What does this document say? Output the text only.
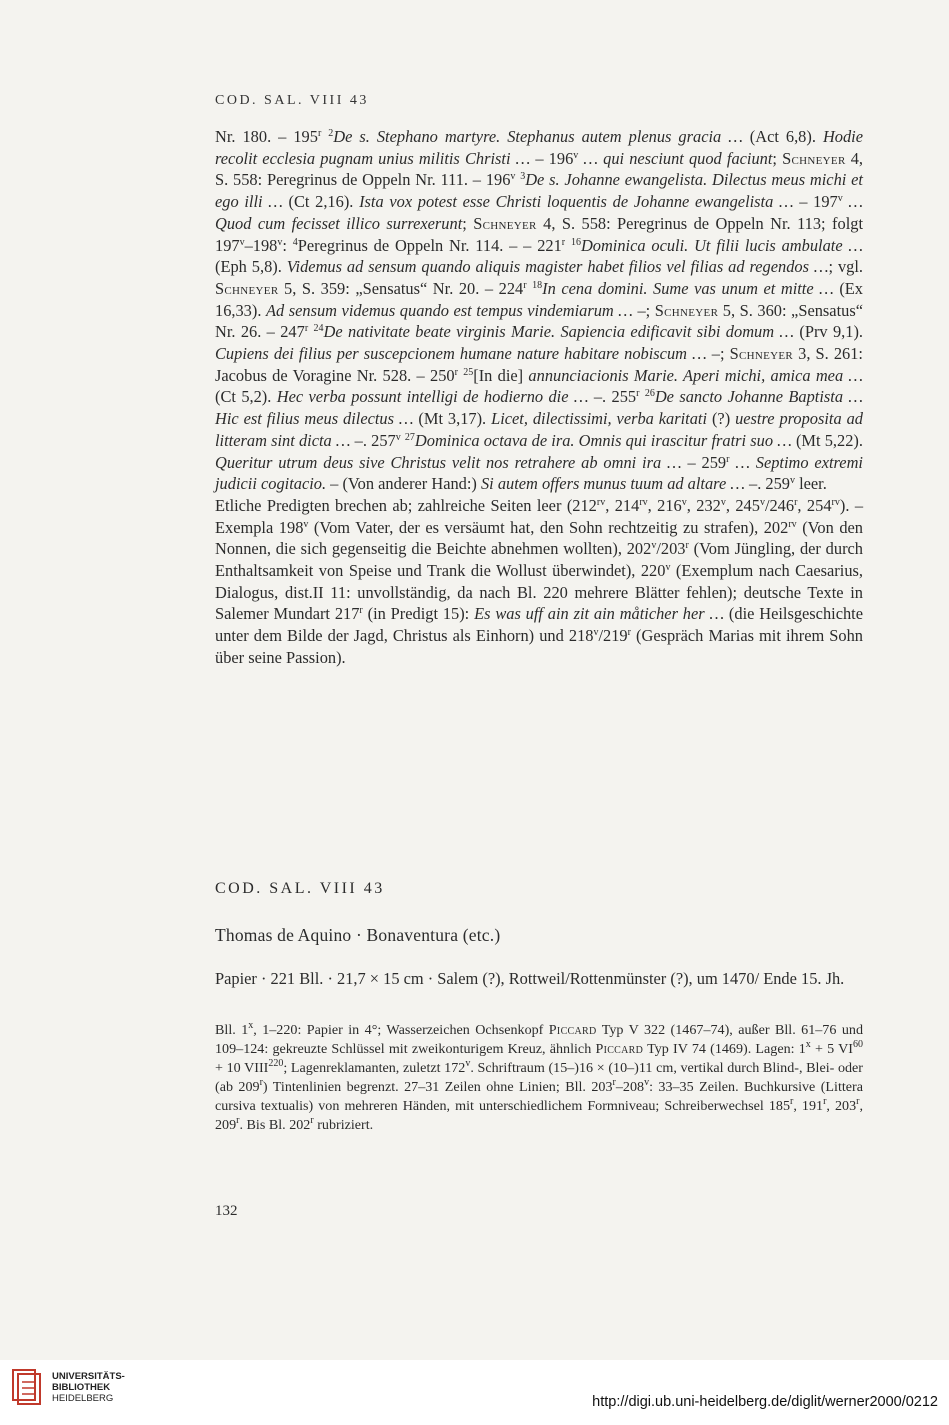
COD. SAL. VIII 43

Nr. 180. – 195$^r$ $^2$De s. Stephano martyre. Stephanus autem plenus gracia … (Act 6,8). Hodie recolit ecclesia pugnam unius militis Christi … – 196$^v$ … qui nesciunt quod faciunt; Schneyer 4, S. 558: Peregrinus de Oppeln Nr. 111. – 196$^v$ $^3$De s. Johanne ewangelista. Dilectus meus michi et ego illi … (Ct 2,16). Ista vox potest esse Christi loquentis de Johanne ewangelista … – 197$^v$ … Quod cum fecisset illico surrexerunt; Schneyer 4, S. 558: Peregrinus de Oppeln Nr. 113; folgt 197$^v$–198$^v$: $^4$Peregrinus de Oppeln Nr. 114. – – 221$^r$ $^{16}$Dominica oculi. Ut filii lucis ambulate … (Eph 5,8). Videmus ad sensum quando aliquis magister habet filios vel filias ad regendos …; vgl. Schneyer 5, S. 359: „Sensatus“ Nr. 20. – 224$^r$ $^{18}$In cena domini. Sume vas unum et mitte … (Ex 16,33). Ad sensum videmus quando est tempus vindemiarum … –; Schneyer 5, S. 360: „Sensatus“ Nr. 26. – 247$^r$ $^{24}$De nativitate beate virginis Marie. Sapiencia edificavit sibi domum … (Prv 9,1). Cupiens dei filius per suscepcionem humane nature habitare nobiscum … –; Schneyer 3, S. 261: Jacobus de Voragine Nr. 528. – 250$^r$ $^{25}$[In die] annunciacionis Marie. Aperi michi, amica mea … (Ct 5,2). Hec verba possunt intelligi de hodierno die … –. 255$^r$ $^{26}$De sancto Johanne Baptista … Hic est filius meus dilectus … (Mt 3,17). Licet, dilectissimi, verba karitati (?) uestre proposita ad litteram sint dicta … –. 257$^v$ $^{27}$Dominica octava de ira. Omnis qui irascitur fratri suo … (Mt 5,22). Queritur utrum deus sive Christus velit nos retrahere ab omni ira … – 259$^r$ … Septimo extremi judicii cogitacio. – (Von anderer Hand:) Si autem offers munus tuum ad altare … –. 259$^v$ leer.

Etliche Predigten brechen ab; zahlreiche Seiten leer ($212^{rv}$, $214^{rv}$, 216$^v$, 232$^v$, 245$^v$/246$^r$, $254^{rv}$). – Exempla 198$^v$ (Vom Vater, der es versäumt hat, den Sohn rechtzeitig zu strafen), $202^{rv}$ (Von den Nonnen, die sich gegenseitig die Beichte abnehmen wollten), 202$^v$/203$^r$ (Vom Jüngling, der durch Enthaltsamkeit von Speise und Trank die Wollust überwindet), 220$^v$ (Exemplum nach Caesarius, Dialogus, dist.II 11: unvollständig, da nach Bl. 220 mehrere Blätter fehlen); deutsche Texte in Salemer Mundart 217$^r$ (in Predigt 15): Es was uff ain zit ain måticher her … (die Heilsgeschichte unter dem Bilde der Jagd, Christus als Einhorn) und 218$^v$/219$^r$ (Gespräch Marias mit ihrem Sohn über seine Passion).

COD. SAL. VIII 43
Thomas de Aquino · Bonaventura (etc.)
Papier · 221 Bll. · 21,7 × 15 cm · Salem (?), Rottweil/Rottenmünster (?), um 1470/ Ende 15. Jh.
Bll. 1$^x$, 1–220: Papier in 4°; Wasserzeichen Ochsenkopf Piccard Typ V 322 (1467–74), außer Bll. 61–76 und 109–124: gekreuzte Schlüssel mit zweikonturigem Kreuz, ähnlich Piccard Typ IV 74 (1469). Lagen: $1^x + 5$ $VI^{60} + 10$ VIII$^{220}$; Lagenreklamanten, zuletzt 172$^v$. Schriftraum (15–)16 × (10–)11 cm, vertikal durch Blind-, Blei- oder (ab 209$^r$) Tintenlinien begrenzt. 27–31 Zeilen ohne Linien; Bll. 203$^r$–208$^v$: 33–35 Zeilen. Buchkursive (Littera cursiva textualis) von mehreren Händen, mit unterschiedlichem Formniveau; Schreiberwechsel 185$^r$, 191$^r$, 203$^r$, 209$^r$. Bis Bl. 202$^r$ rubriziert.
132
UNIVERSITÄTS-
BIBLIOTHEK
HEIDELBERG	http://digi.ub.uni-heidelberg.de/diglit/werner2000/0212
